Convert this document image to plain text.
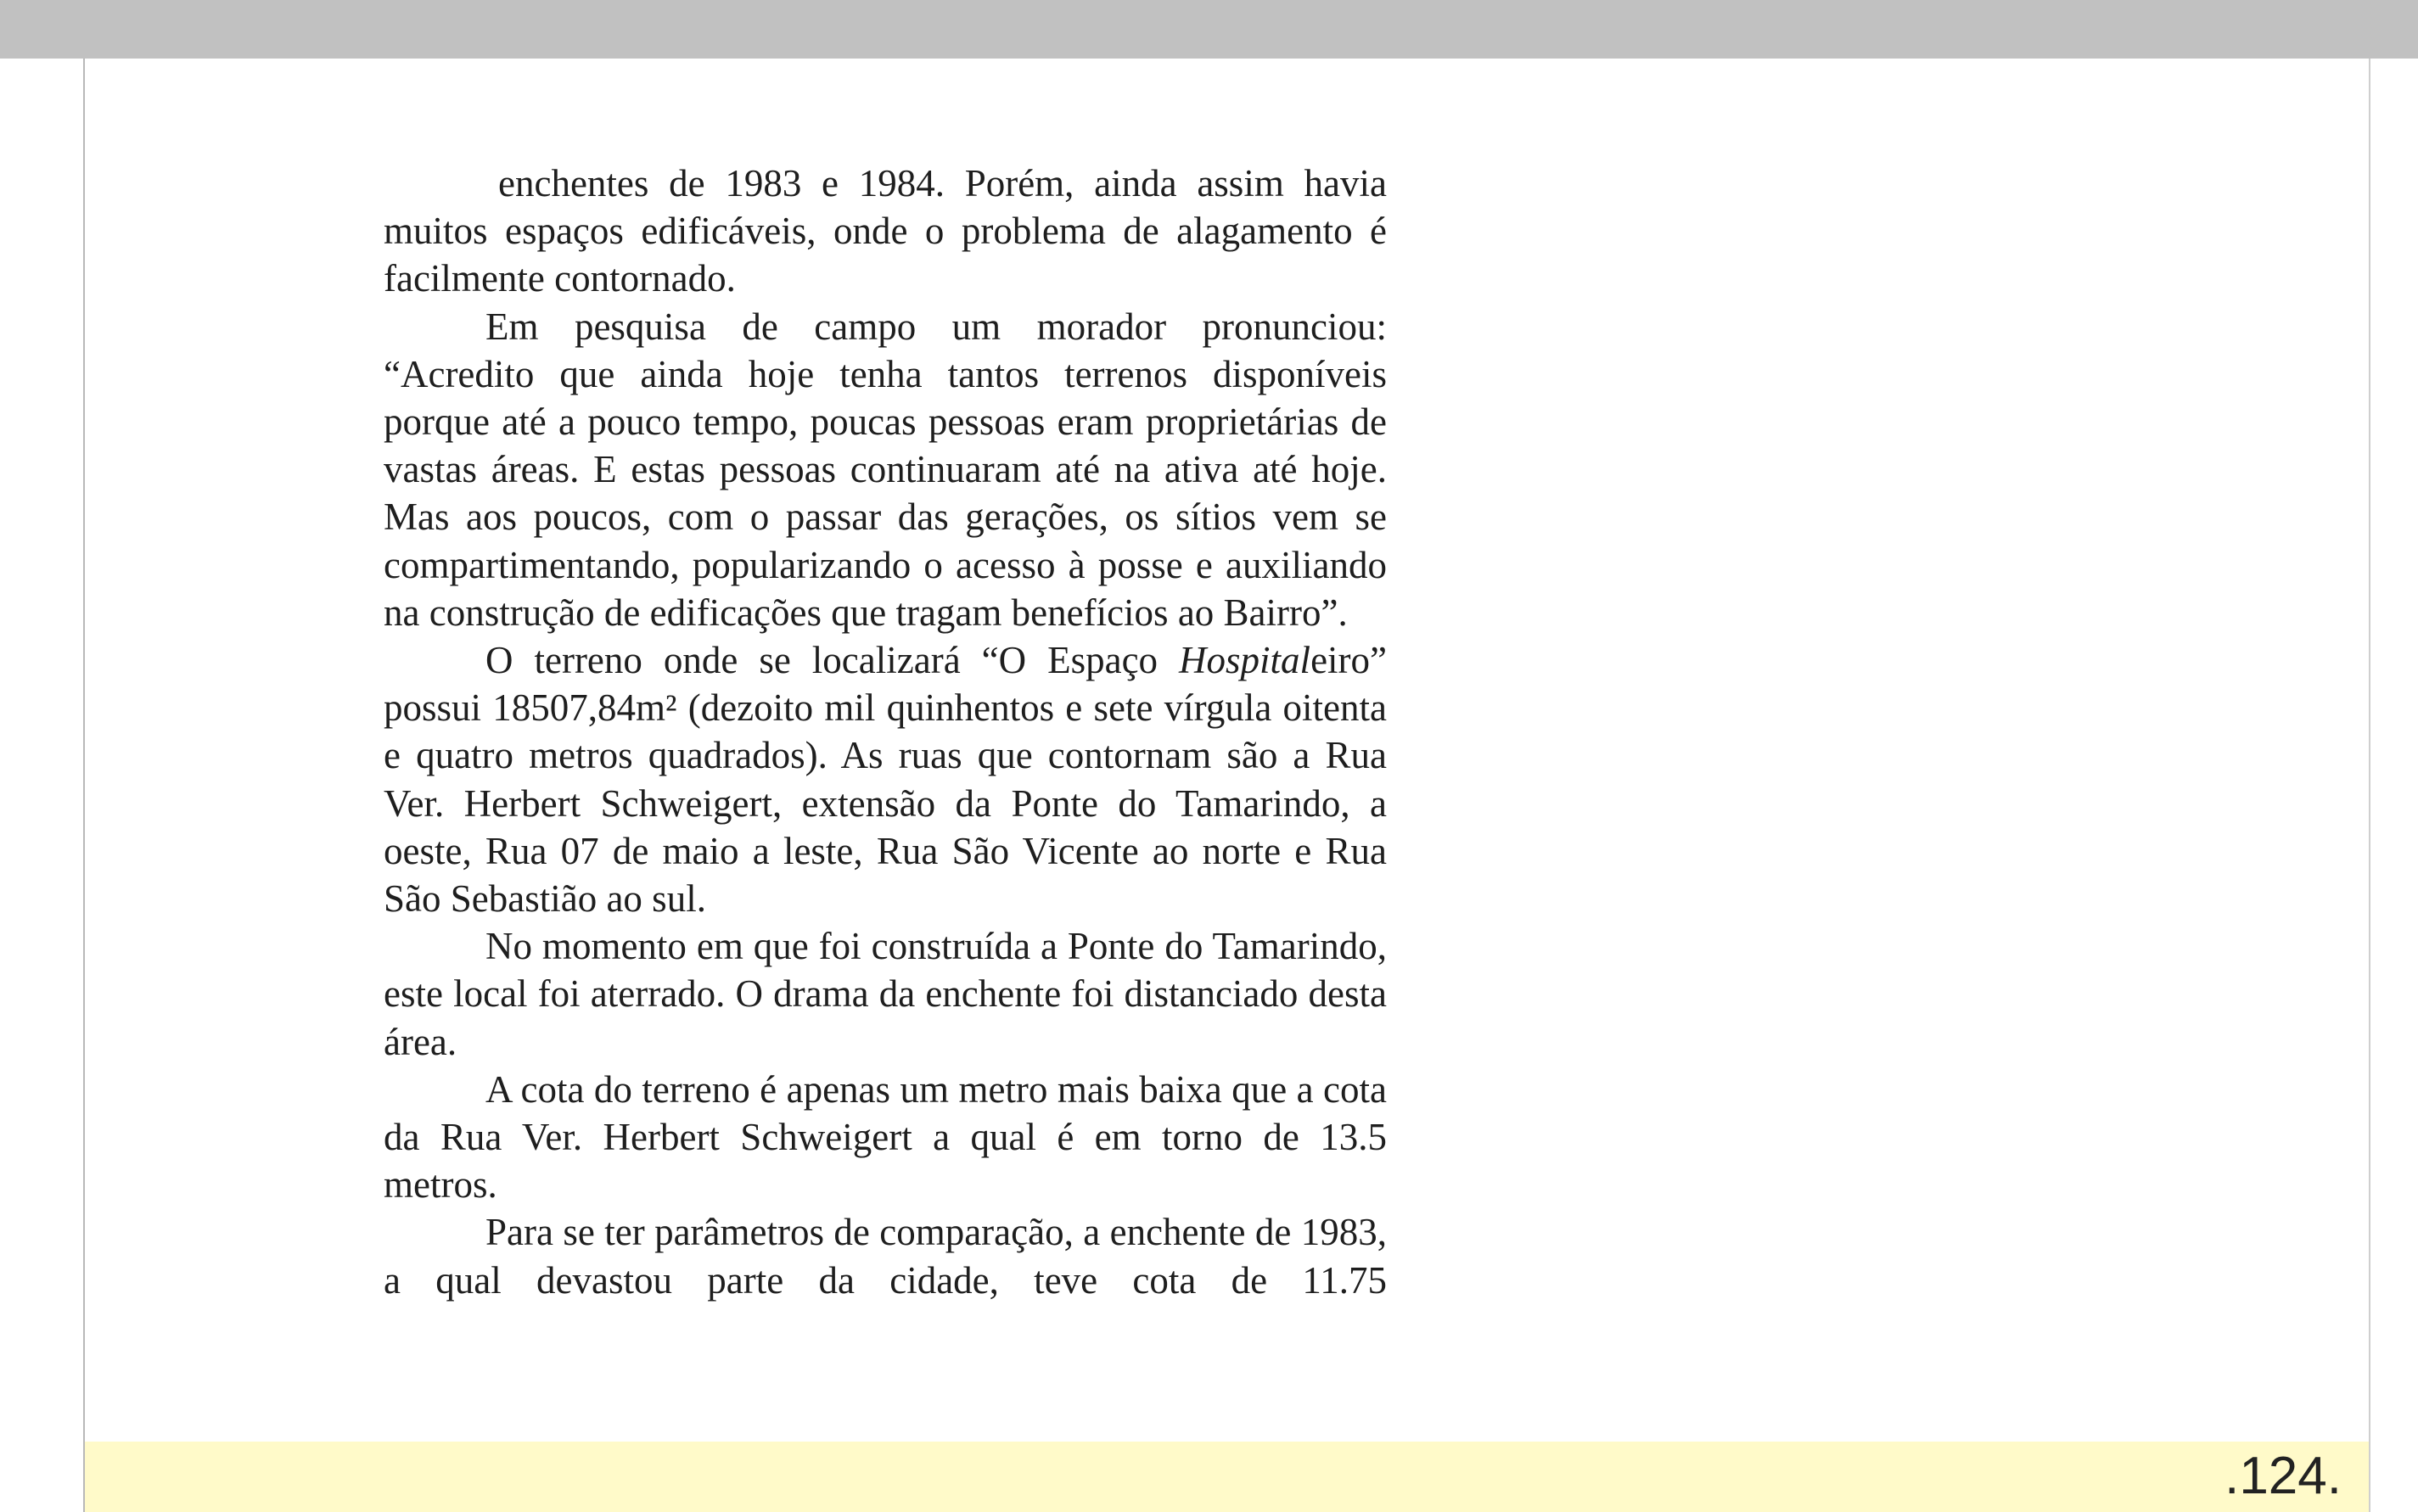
enchentes de 1983 e 1984. Porém, ainda assim havia muitos espaços edificáveis, onde o problema de alagamento é facilmente contornado.

Em pesquisa de campo um morador pronunciou: “Acredito que ainda hoje tenha tantos terrenos disponíveis porque até a pouco tempo, poucas pessoas eram proprietárias de vastas áreas. E estas pessoas continuaram até na ativa até hoje. Mas aos poucos, com o passar das gerações, os sítios vem se compartimentando, popularizando o acesso à posse e auxiliando na construção de edificações que tragam benefícios ao Bairro”.

O terreno onde se localizará “O Espaço Hospitaleiro” possui 18507,84m² (dezoito mil quinhentos e sete vírgula oitenta e quatro metros quadrados). As ruas que contornam são a Rua Ver. Herbert Schweigert, extensão da Ponte do Tamarindo, a oeste, Rua 07 de maio a leste, Rua São Vicente ao norte e Rua São Sebastião ao sul.

No momento em que foi construída a Ponte do Tamarindo, este local foi aterrado. O drama da enchente foi distanciado desta área.

A cota do terreno é apenas um metro mais baixa que a cota da Rua Ver. Herbert Schweigert a qual é em torno de 13.5 metros.

Para se ter parâmetros de comparação, a enchente de 1983, a qual devastou parte da cidade, teve cota de 11.75

.124.
